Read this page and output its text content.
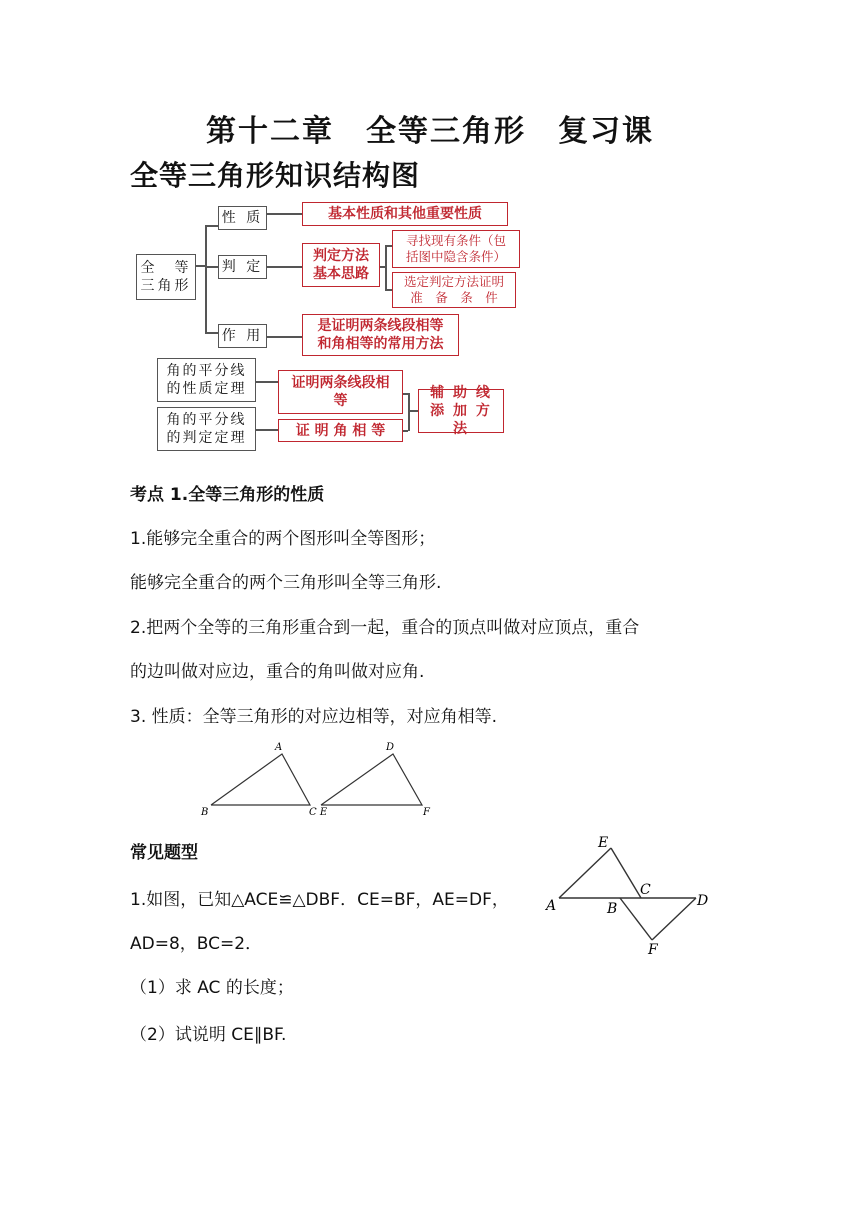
第十二章　全等三角形　复习课
全等三角形知识结构图
全　等
三角形
性 质
判 定
作 用
基本性质和其他重要性质
判定方法
基本思路
寻找现有条件（包
括图中隐含条件）
选定判定方法证明
准　备　条　件
是证明两条线段相等
和角相等的常用方法
角的平分线
的性质定理
角的平分线
的判定定理
证明两条线段相
等
证 明 角 相 等
辅 助 线
添 加 方 法
考点 1.全等三角形的性质
1.能够完全重合的两个图形叫全等图形；
能够完全重合的两个三角形叫全等三角形.
2.把两个全等的三角形重合到一起，重合的顶点叫做对应顶点，重合
的边叫做对应边，重合的角叫做对应角.
3. 性质：全等三角形的对应边相等，对应角相等.
A
B	C E
D
F
常见题型
1.如图，已知△ACE≌△DBF．CE=BF，AE=DF，
AD=8，BC=2．
（1）求 AC 的长度；
（2）试说明 CE∥BF.
E
C
A	B	D
F
